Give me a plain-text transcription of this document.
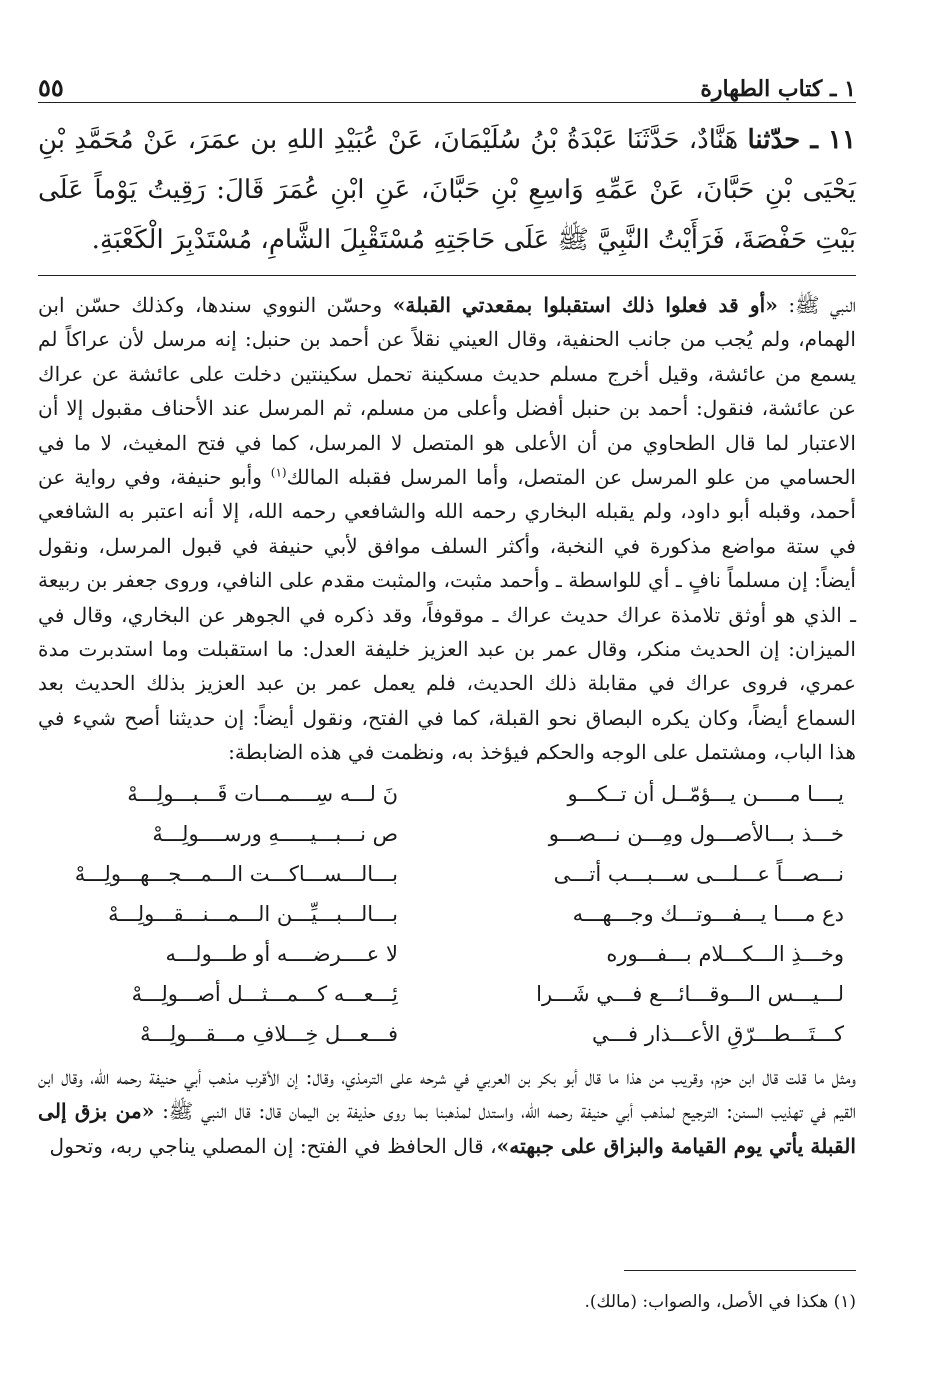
١ ـ كتاب الطهارة
٥٥
١١ ـ حدّثنا هَنَّادٌ، حَدَّثَنَا عَبْدَةُ بْنُ سُلَيْمَانَ، عَنْ عُبَيْدِ اللهِ بن عمَرَ، عَنْ مُحَمَّدِ بْنِ يَحْيَى بْنِ حَبَّانَ، عَنْ عَمِّهِ وَاسِعِ بْنِ حَبَّانَ، عَنِ ابْنِ عُمَرَ قَالَ: رَقِيتُ يَوْماً عَلَى بَيْتِ حَفْصَةَ، فَرَأَيْتُ النَّبِيَّ ﷺ عَلَى حَاجَتِهِ مُسْتَقْبِلَ الشَّامِ، مُسْتَدْبِرَ الْكَعْبَةِ.
النبي ﷺ: «أو قد فعلوا ذلك استقبلوا بمقعدتي القبلة» وحسّن النووي سندها، وكذلك حسّن ابن الهمام، ولم يُجب من جانب الحنفية، وقال العيني نقلاً عن أحمد بن حنبل: إنه مرسل لأن عراكاً لم يسمع من عائشة، وقيل أخرج مسلم حديث مسكينة تحمل سكينتين دخلت على عائشة عن عراك عن عائشة، فنقول: أحمد بن حنبل أفضل وأعلى من مسلم، ثم المرسل عند الأحناف مقبول إلا أن الاعتبار لما قال الطحاوي من أن الأعلى هو المتصل لا المرسل، كما في فتح المغيث، لا ما في الحسامي من علو المرسل عن المتصل، وأما المرسل فقبله المالك$^{(١)}$ وأبو حنيفة، وفي رواية عن أحمد، وقبله أبو داود، ولم يقبله البخاري رحمه الله والشافعي رحمه الله، إلا أنه اعتبر به الشافعي في ستة مواضع مذكورة في النخبة، وأكثر السلف موافق لأبي حنيفة في قبول المرسل، ونقول أيضاً: إن مسلماً نافٍ ـ أي للواسطة ـ وأحمد مثبت، والمثبت مقدم على النافي، وروى جعفر بن ربيعة ـ الذي هو أوثق تلامذة عراك حديث عراك ـ موقوفاً، وقد ذكره في الجوهر عن البخاري، وقال في الميزان: إن الحديث منكر، وقال عمر بن عبد العزيز خليفة العدل: ما استقبلت وما استدبرت مدة عمري، فروى عراك في مقابلة ذلك الحديث، فلم يعمل عمر بن عبد العزيز بذلك الحديث بعد السماع أيضاً، وكان يكره البصاق نحو القبلة، كما في الفتح، ونقول أيضاً: إن حديثنا أصح شيء في هذا الباب، ومشتمل على الوجه والحكم فيؤخذ به، ونظمت في هذه الضابطة:
يــــا مـــــن يـــؤمّــل أن تــكـــو
نَ لـــه سِــــمـــات قَـــبـــولِـــهْ
خـــذ بـــالأصـــول ومِـــن نـــصـــو
ص نـــبـــيـــــهِ ورســــولِـــهْ
نـــصـــاً عـــلـــى ســـبـــب أتـــى
بـــالـــســـاكـــت الـــمـــجـــهـــولِـــهْ
دع مــــا يـــفـــوتـــك وجـــهـــه
بـــالـــبـــيِّـــن الـــمـــنـــقـــولِـــهْ
وخـــذِ الـــكـــلام بـــفـــوره
لا عــــرضــــه أو طـــولـــه
لـــيـــس الـــوقـــائـــع فـــي شَـــرا
ئِـــعـــه كـــمـــثـــل أصـــولِـــهْ
كـــتَـــطـــرّقِ الأعـــذار فـــي
فـــعـــل خِـــلافِ مـــقـــولِـــهْ
ومثل ما قلت قال ابن حزم، وقريب من هذا ما قال أبو بكر بن العربي في شرحه على الترمذي، وقال: إن الأقرب مذهب أبي حنيفة رحمه الله، وقال ابن القيم في تهذيب السنن: الترجيح لمذهب أبي حنيفة رحمه الله، واستدل لمذهبنا بما روى حذيفة بن اليمان قال: قال النبي ﷺ: «من بزق إلى القبلة يأتي يوم القيامة والبزاق على جبهته»، قال الحافظ في الفتح: إن المصلي يناجي ربه، وتحول
(١) هكذا في الأصل، والصواب: (مالك).
